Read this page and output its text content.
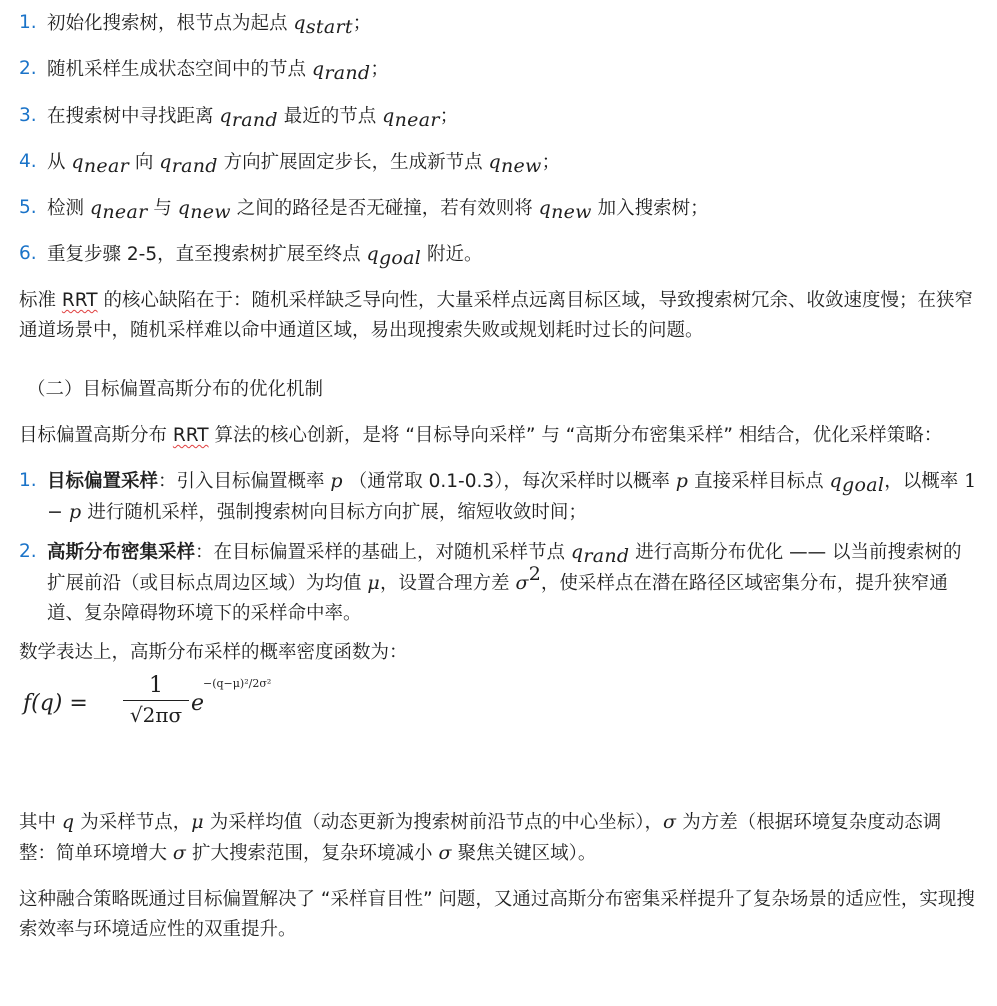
1. 初始化搜索树，根节点为起点 $q_{start}$；
2. 随机采样生成状态空间中的节点 $q_{rand}$；
3. 在搜索树中寻找距离 $q_{rand}$ 最近的节点 $q_{near}$；
4. 从 $q_{near}$ 向 $q_{rand}$ 方向扩展固定步长，生成新节点 $q_{new}$；
5. 检测 $q_{near}$ 与 $q_{new}$ 之间的路径是否无碰撞，若有效则将 $q_{new}$ 加入搜索树；
6. 重复步骤 2-5，直至搜索树扩展至终点 $q_{goal}$ 附近。

标准 RRT 的核心缺陷在于：随机采样缺乏导向性，大量采样点远离目标区域，导致搜索树冗余、收敛速度慢；在狭窄通道场景中，随机采样难以命中通道区域，易出现搜索失败或规划耗时过长的问题。

（二）目标偏置高斯分布的优化机制

目标偏置高斯分布 RRT 算法的核心创新，是将 “目标导向采样” 与 “高斯分布密集采样” 相结合，优化采样策略：

1. 目标偏置采样：引入目标偏置概率 p （通常取 0.1-0.3），每次采样时以概率 p 直接采样目标点 $q_{goal}$，以概率 1 − p 进行随机采样，强制搜索树向目标方向扩展，缩短收敛时间；
2. 高斯分布密集采样：在目标偏置采样的基础上，对随机采样节点 $q_{rand}$ 进行高斯分布优化 —— 以当前搜索树的扩展前沿（或目标点周边区域）为均值 μ，设置合理方差 $\sigma^2$，使采样点在潜在路径区域密集分布，提升狭窄通道、复杂障碍物环境下的采样命中率。

数学表达上，高斯分布采样的概率密度函数为：

f(q) =
1
√2πσ e
−(q−μ)²/2σ²

其中 q 为采样节点，μ 为采样均值（动态更新为搜索树前沿节点的中心坐标），σ 为方差（根据环境复杂度动态调整：简单环境增大 σ 扩大搜索范围，复杂环境减小 σ 聚焦关键区域）。

这种融合策略既通过目标偏置解决了 “采样盲目性” 问题，又通过高斯分布密集采样提升了复杂场景的适应性，实现搜索效率与环境适应性的双重提升。
